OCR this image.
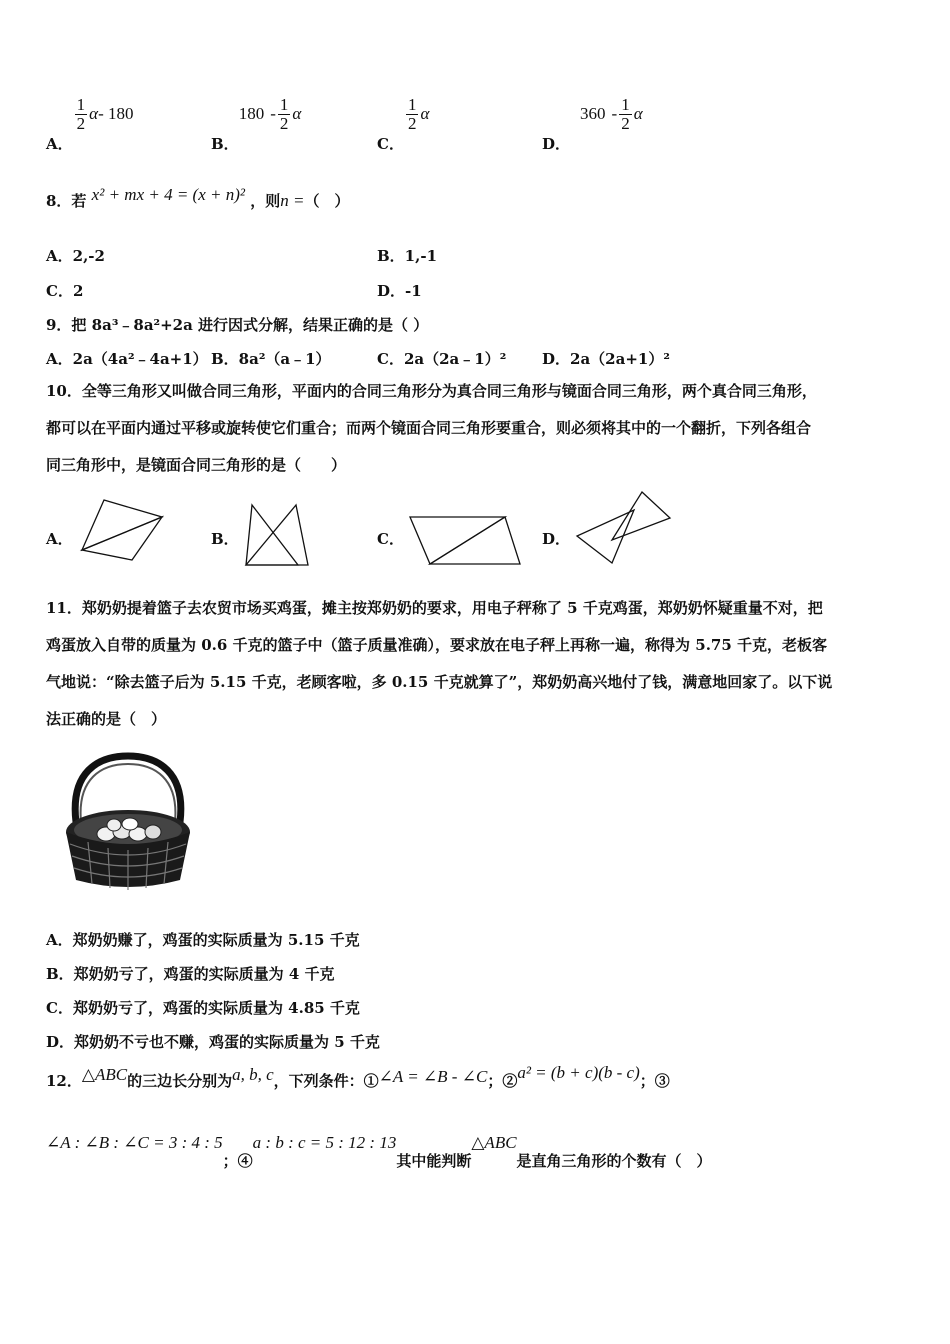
A．
$\frac{1}{2} \alpha-$ 180
B．$180 - \frac{1}{2}$ α
C．
$\frac{1}{2}$ α
D．$360 - \frac{1}{2}$ α
8．若 x² + mx + 4 = (x + n)² ，则n =（　）
A．2,-2	B．1,-1
C．2	D．-1
9．把 8a³﹣8a²+2a 进行因式分解，结果正确的是（ ）
A．2a（4a²﹣4a+1） B．8a²（a﹣1）	C．2a（2a﹣1）² D．2a（2a+1）²
10．全等三角形又叫做合同三角形，平面内的合同三角形分为真合同三角形与镜面合同三角形，两个真合同三角形，
都可以在平面内通过平移或旋转使它们重合；而两个镜面合同三角形要重合，则必须将其中的一个翻折，下列各组合
同三角形中，是镜面合同三角形的是（　　）
A．	B．	C．	D．
11．郑奶奶提着篮子去农贸市场买鸡蛋，摊主按郑奶奶的要求，用电子秤称了 5 千克鸡蛋，郑奶奶怀疑重量不对，把
鸡蛋放入自带的质量为 0.6 千克的篮子中（篮子质量准确），要求放在电子秤上再称一遍，称得为 5.75 千克，老板客
气地说：“除去篮子后为 5.15 千克，老顾客啦，多 0.15 千克就算了”，郑奶奶高兴地付了钱，满意地回家了。以下说
法正确的是（　）
A．郑奶奶赚了，鸡蛋的实际质量为 5.15 千克
B．郑奶奶亏了，鸡蛋的实际质量为 4 千克
C．郑奶奶亏了，鸡蛋的实际质量为 4.85 千克
D．郑奶奶不亏也不赚，鸡蛋的实际质量为 5 千克
12．△ABC的三边长分别为a, b, c，下列条件：①∠A = ∠B - ∠C；②a² = (b + c)(b - c)；③
∠A : ∠B : ∠C = 3 : 4 : 5；④a : b : c = 5 : 12 : 13其中能判断△ABC是直角三角形的个数有（　）
